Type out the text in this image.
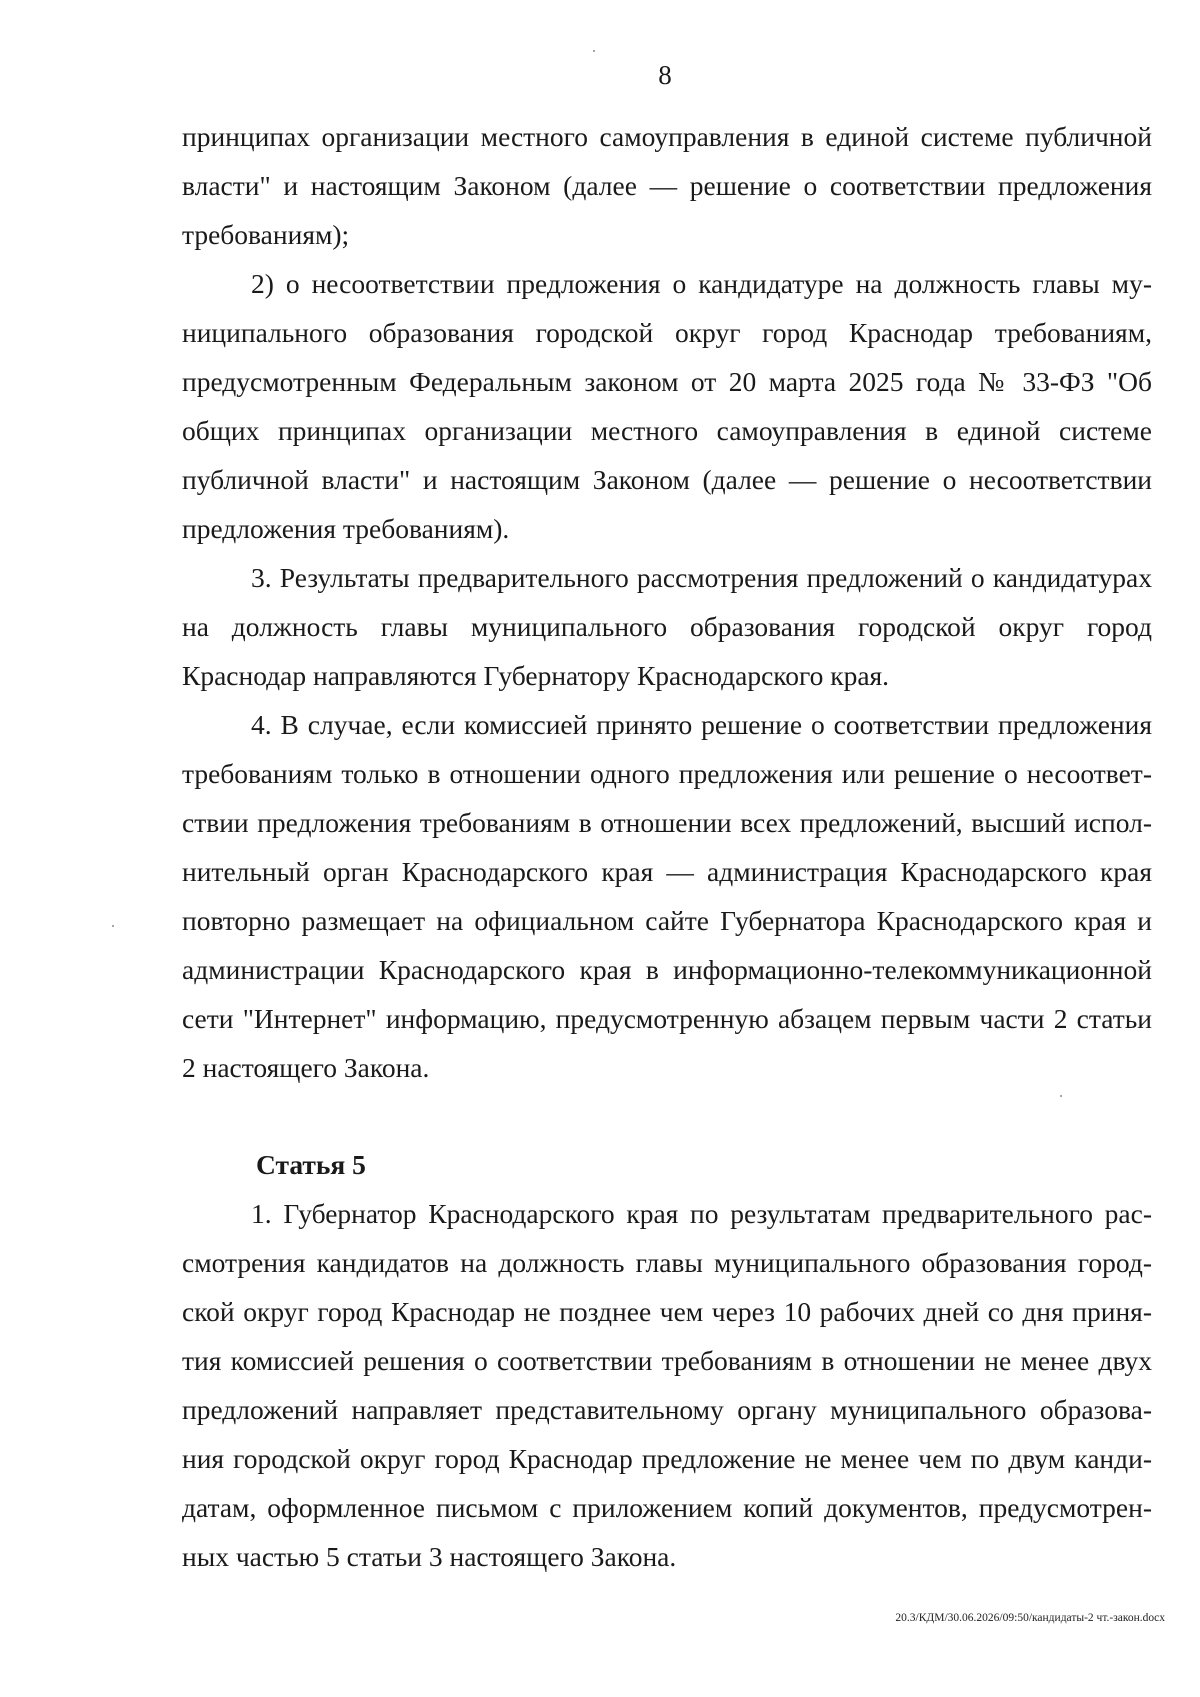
8

принципах организации местного самоуправления в единой системе публичной власти" и настоящим Законом (далее — решение о соответствии предложения требованиям);

2) о несоответствии предложения о кандидатуре на должность главы муниципального образования городской округ город Краснодар требованиям, предусмотренным Федеральным законом от 20 марта 2025 года № 33-ФЗ "Об общих принципах организации местного самоуправления в единой системе публичной власти" и настоящим Законом (далее — решение о несоответствии предложения требованиям).

3. Результаты предварительного рассмотрения предложений о кандидатурах на должность главы муниципального образования городской округ город Краснодар направляются Губернатору Краснодарского края.

4. В случае, если комиссией принято решение о соответствии предложения требованиям только в отношении одного предложения или решение о несоответствии предложения требованиям в отношении всех предложений, высший исполнительный орган Краснодарского края — администрация Краснодарского края повторно размещает на официальном сайте Губернатора Краснодарского края и администрации Краснодарского края в информационно-телекоммуникационной сети "Интернет" информацию, предусмотренную абзацем первым части 2 статьи 2 настоящего Закона.

Статья 5

1. Губернатор Краснодарского края по результатам предварительного рассмотрения кандидатов на должность главы муниципального образования городской округ город Краснодар не позднее чем через 10 рабочих дней со дня принятия комиссией решения о соответствии требованиям в отношении не менее двух предложений направляет представительному органу муниципального образования городской округ город Краснодар предложение не менее чем по двум кандидатам, оформленное письмом с приложением копий документов, предусмотренных частью 5 статьи 3 настоящего Закона.

20.3/КДМ/30.06.2026/09:50/кандидаты-2 чт.-закон.docx
